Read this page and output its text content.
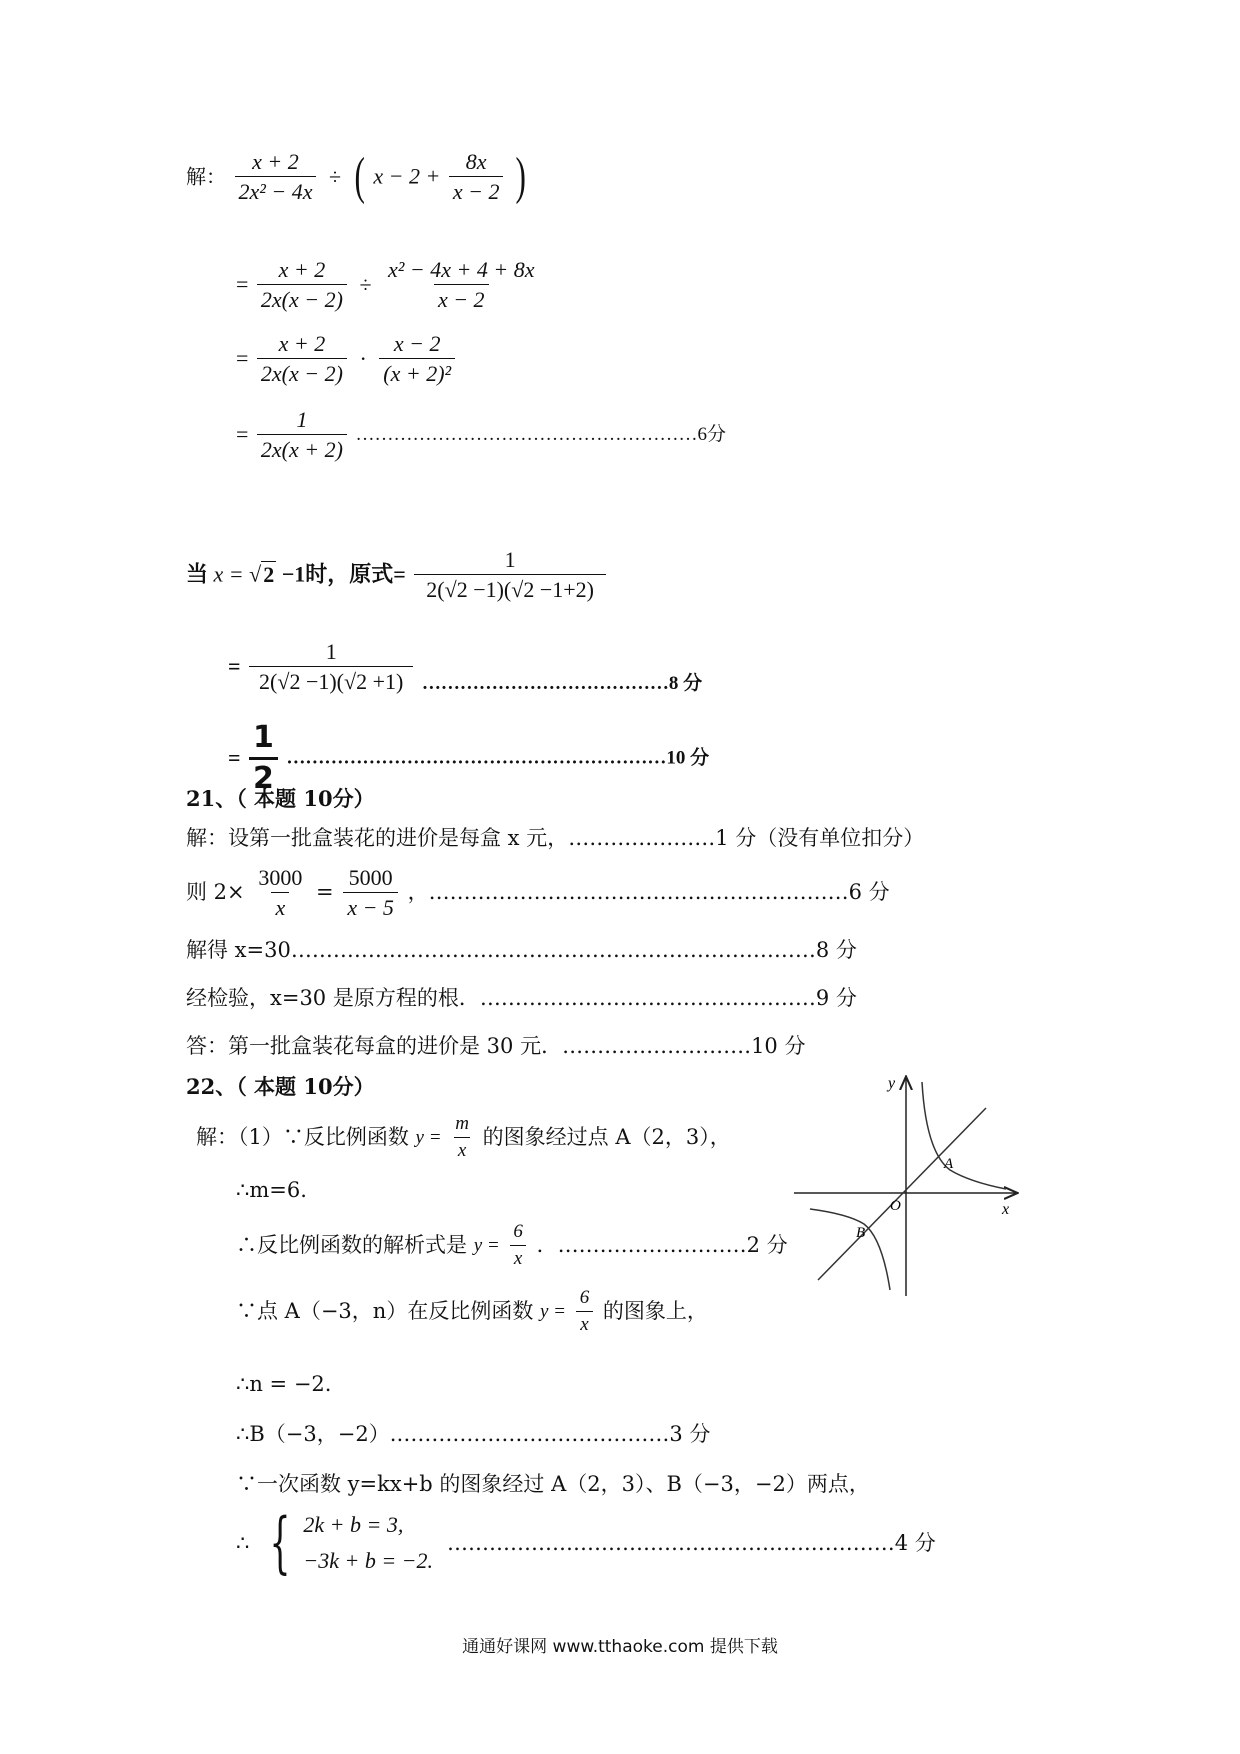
解： $\frac{x + 2}{\text{2x² − 4x}}$ ÷ ( $x - 2 + \frac{8x}{x - 2}$ )
= $\frac{x + 2}{2x(x - 2)} \div \frac{\text{x² − 4x + 4 + 8x}}{x - 2}$
= $\frac{x + 2}{2x(x - 2)} \cdot \frac{x - 2}{\text{(x + 2)²}}$
= $\frac{1}{2x(x + 2)}$ ………………………………………………6分
当 x = √2 −1时，原式= $\frac{1}{2(√2 -1)(√2 -1+2)}$
= $\frac{1}{2(√2 -1)(√2 +1)}$ …………………………………8 分
= $\frac{1}{2}$ ……………………………………………………10 分
21、（ 本题 10分）
解：设第一批盒装花的进价是每盒 x 元，…………………1 分（没有单位扣分）
则 $2\times \frac{3000}{x} = \frac{5000}{x - 5}$ ，……………………………………………………6 分
解得 x=30…………………………………………………………………8 分
经检验，x=30 是原方程的根．…………………………………………9 分
答：第一批盒装花每盒的进价是 30 元．………………………10 分
22、（ 本题 10分）
解：（1）∵反比例函数 $y = \frac{m}{x}$ 的图象经过点 A（2，3），
∴m=6.
∴反比例函数的解析式是 $y = \frac{6}{x}$ ．………………………2 分
∵点 A（−3，n）在反比例函数 $y = \frac{6}{x}$ 的图象上，
∴n = −2.
∴B（−3，−2）.…………………………………3 分
∵一次函数 y=kx+b 的图象经过 A（2，3）、B（−3，−2）两点，
∴ { 2k + b = 3,
−3k + b = −2.
…………………………………………….…………4 分
y
x
O
A
B
通通好课网 www.tthaoke.com 提供下载
